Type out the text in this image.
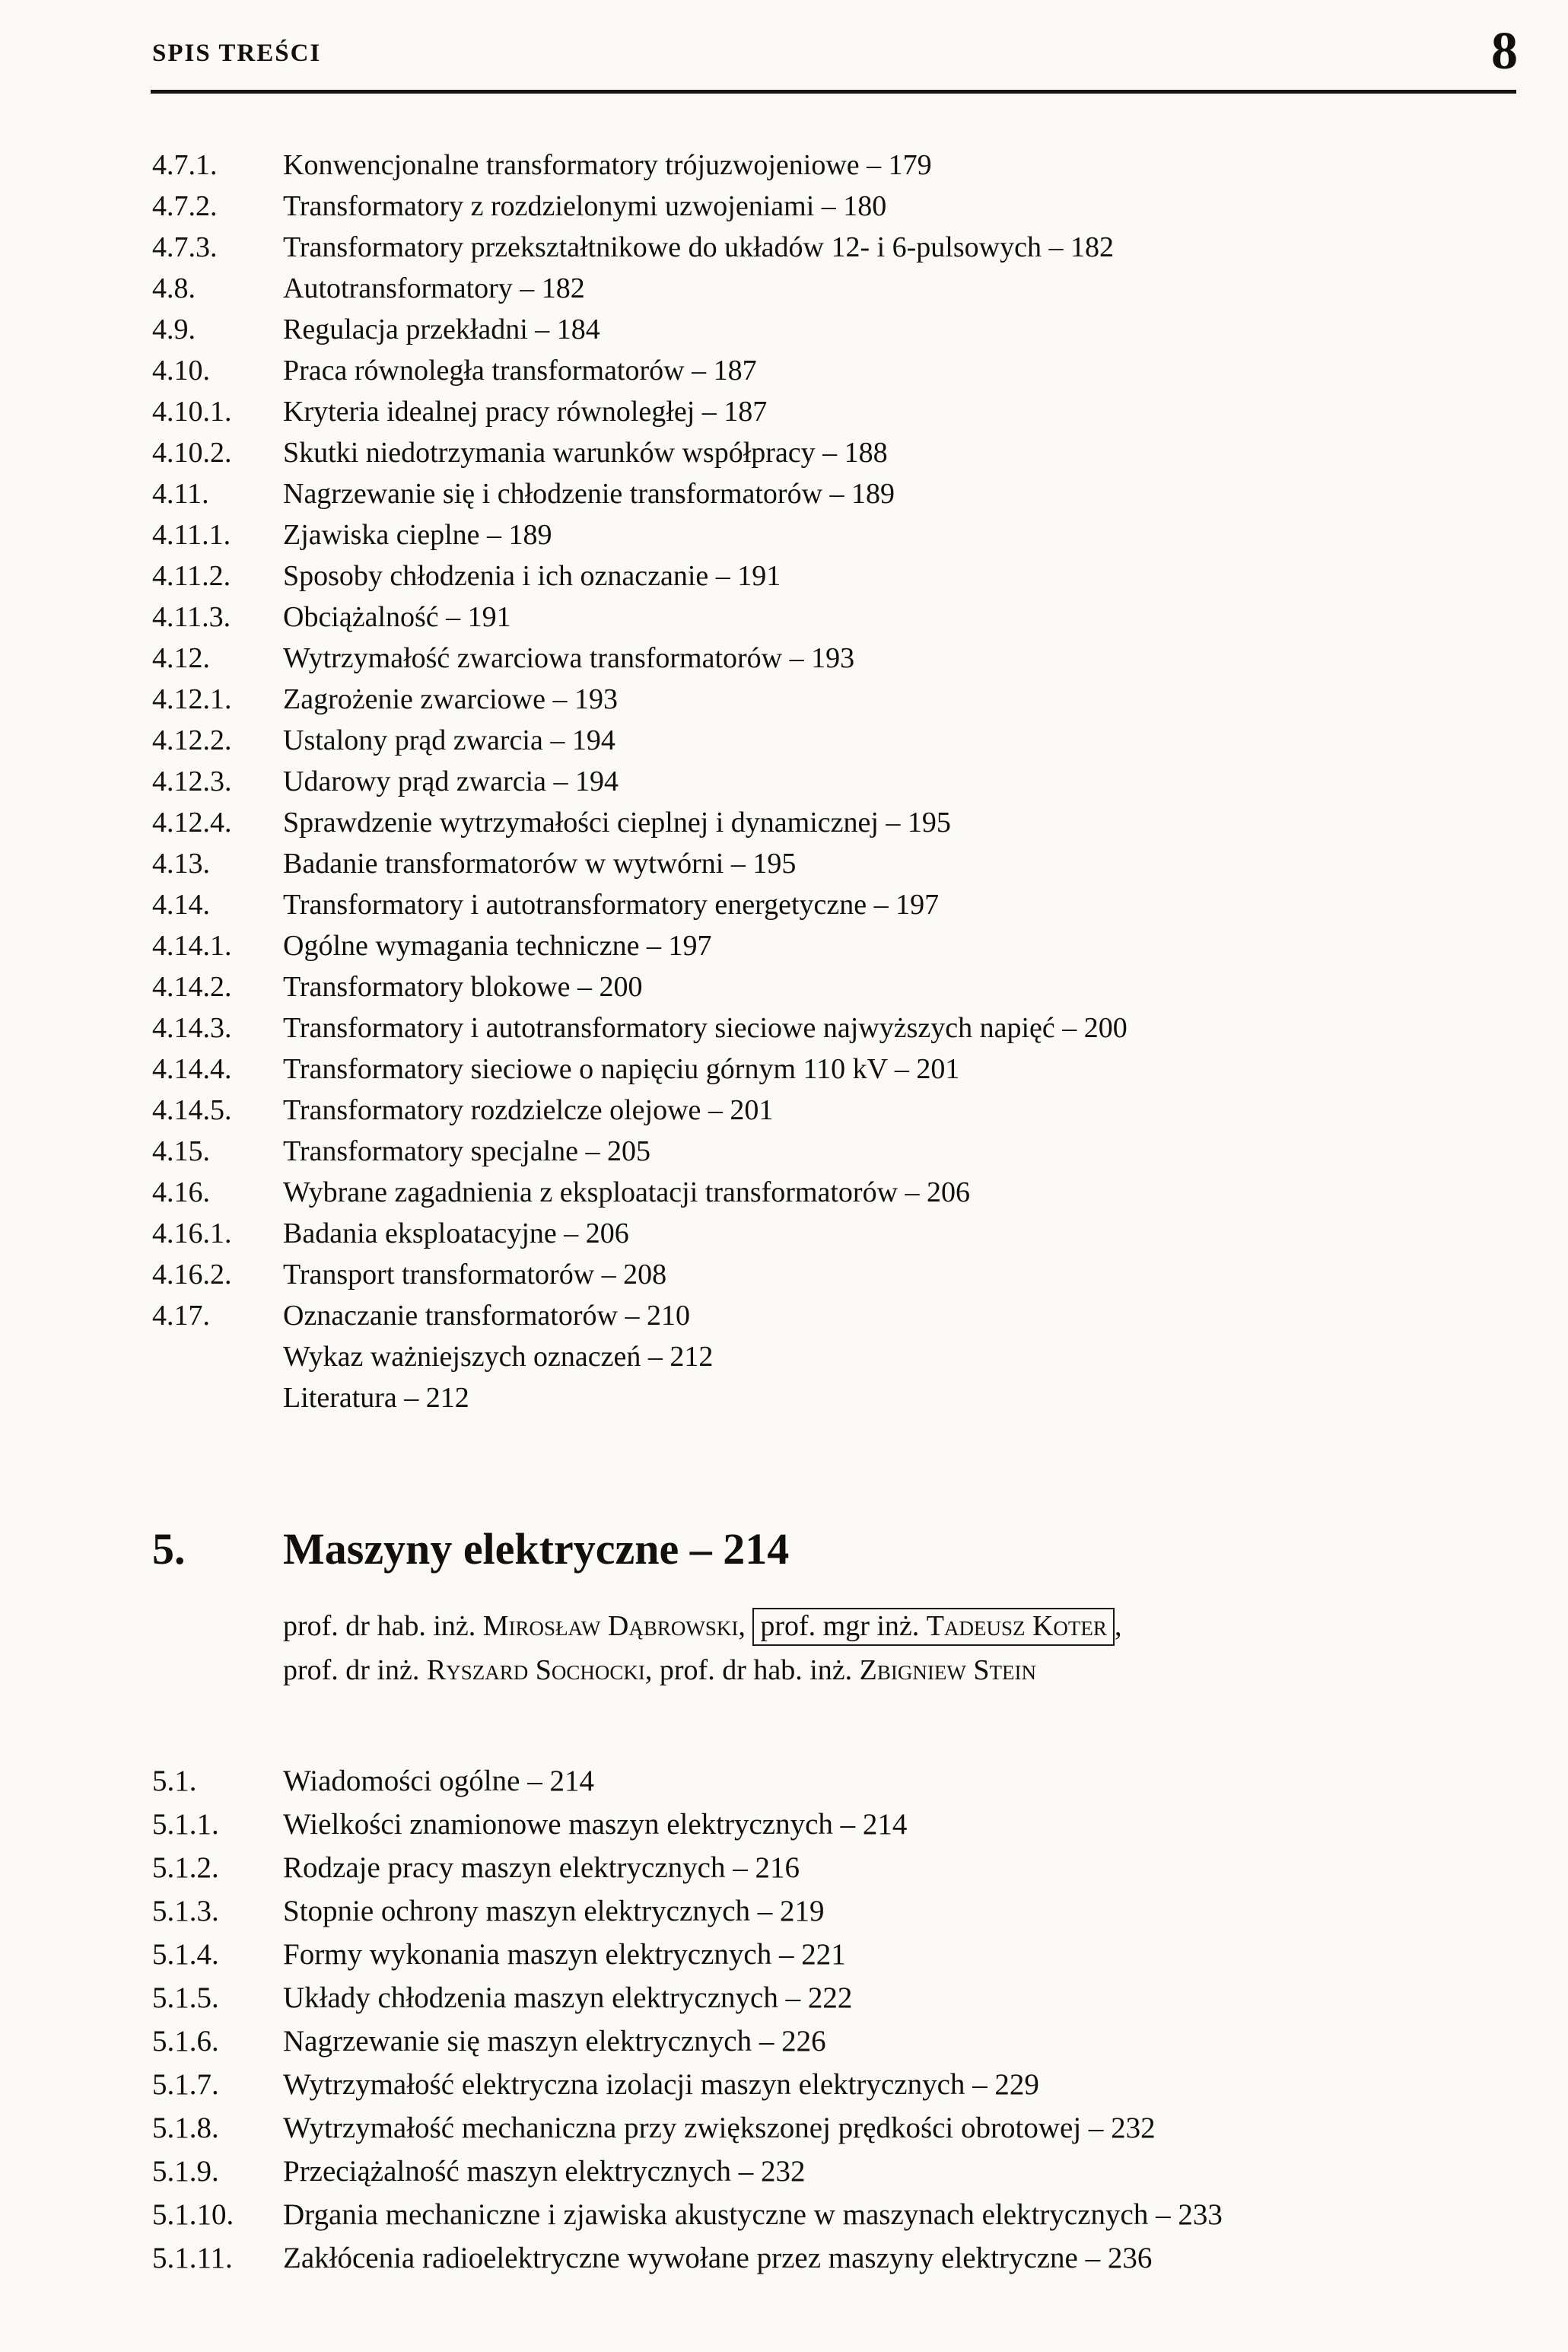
SPIS TREŚCI	8
4.7.1.	Konwencjonalne transformatory trójuzwojeniowe – 179
4.7.2.	Transformatory z rozdzielonymi uzwojeniami – 180
4.7.3.	Transformatory przekształtnikowe do układów 12- i 6-pulsowych – 182
4.8.	Autotransformatory – 182
4.9.	Regulacja przekładni – 184
4.10.	Praca równoległa transformatorów – 187
4.10.1.	Kryteria idealnej pracy równoległej – 187
4.10.2.	Skutki niedotrzymania warunków współpracy – 188
4.11.	Nagrzewanie się i chłodzenie transformatorów – 189
4.11.1.	Zjawiska cieplne – 189
4.11.2.	Sposoby chłodzenia i ich oznaczanie – 191
4.11.3.	Obciążalność – 191
4.12.	Wytrzymałość zwarciowa transformatorów – 193
4.12.1.	Zagrożenie zwarciowe – 193
4.12.2.	Ustalony prąd zwarcia – 194
4.12.3.	Udarowy prąd zwarcia – 194
4.12.4.	Sprawdzenie wytrzymałości cieplnej i dynamicznej – 195
4.13.	Badanie transformatorów w wytwórni – 195
4.14.	Transformatory i autotransformatory energetyczne – 197
4.14.1.	Ogólne wymagania techniczne – 197
4.14.2.	Transformatory blokowe – 200
4.14.3.	Transformatory i autotransformatory sieciowe najwyższych napięć – 200
4.14.4.	Transformatory sieciowe o napięciu górnym 110 kV – 201
4.14.5.	Transformatory rozdzielcze olejowe – 201
4.15.	Transformatory specjalne – 205
4.16.	Wybrane zagadnienia z eksploatacji transformatorów – 206
4.16.1.	Badania eksploatacyjne – 206
4.16.2.	Transport transformatorów – 208
4.17.	Oznaczanie transformatorów – 210
Wykaz ważniejszych oznaczeń – 212
Literatura – 212
5.	Maszyny elektryczne – 214
prof. dr hab. inż. Mirosław Dąbrowski, prof. mgr inż. Tadeusz Koter ,
prof. dr inż. Ryszard Sochocki, prof. dr hab. inż. Zbigniew Stein
5.1.	Wiadomości ogólne – 214
5.1.1.	Wielkości znamionowe maszyn elektrycznych – 214
5.1.2.	Rodzaje pracy maszyn elektrycznych – 216
5.1.3.	Stopnie ochrony maszyn elektrycznych – 219
5.1.4.	Formy wykonania maszyn elektrycznych – 221
5.1.5.	Układy chłodzenia maszyn elektrycznych – 222
5.1.6.	Nagrzewanie się maszyn elektrycznych – 226
5.1.7.	Wytrzymałość elektryczna izolacji maszyn elektrycznych – 229
5.1.8.	Wytrzymałość mechaniczna przy zwiększonej prędkości obrotowej – 232
5.1.9.	Przeciążalność maszyn elektrycznych – 232
5.1.10.	Drgania mechaniczne i zjawiska akustyczne w maszynach elektrycznych – 233
5.1.11.	Zakłócenia radioelektryczne wywołane przez maszyny elektryczne – 236
